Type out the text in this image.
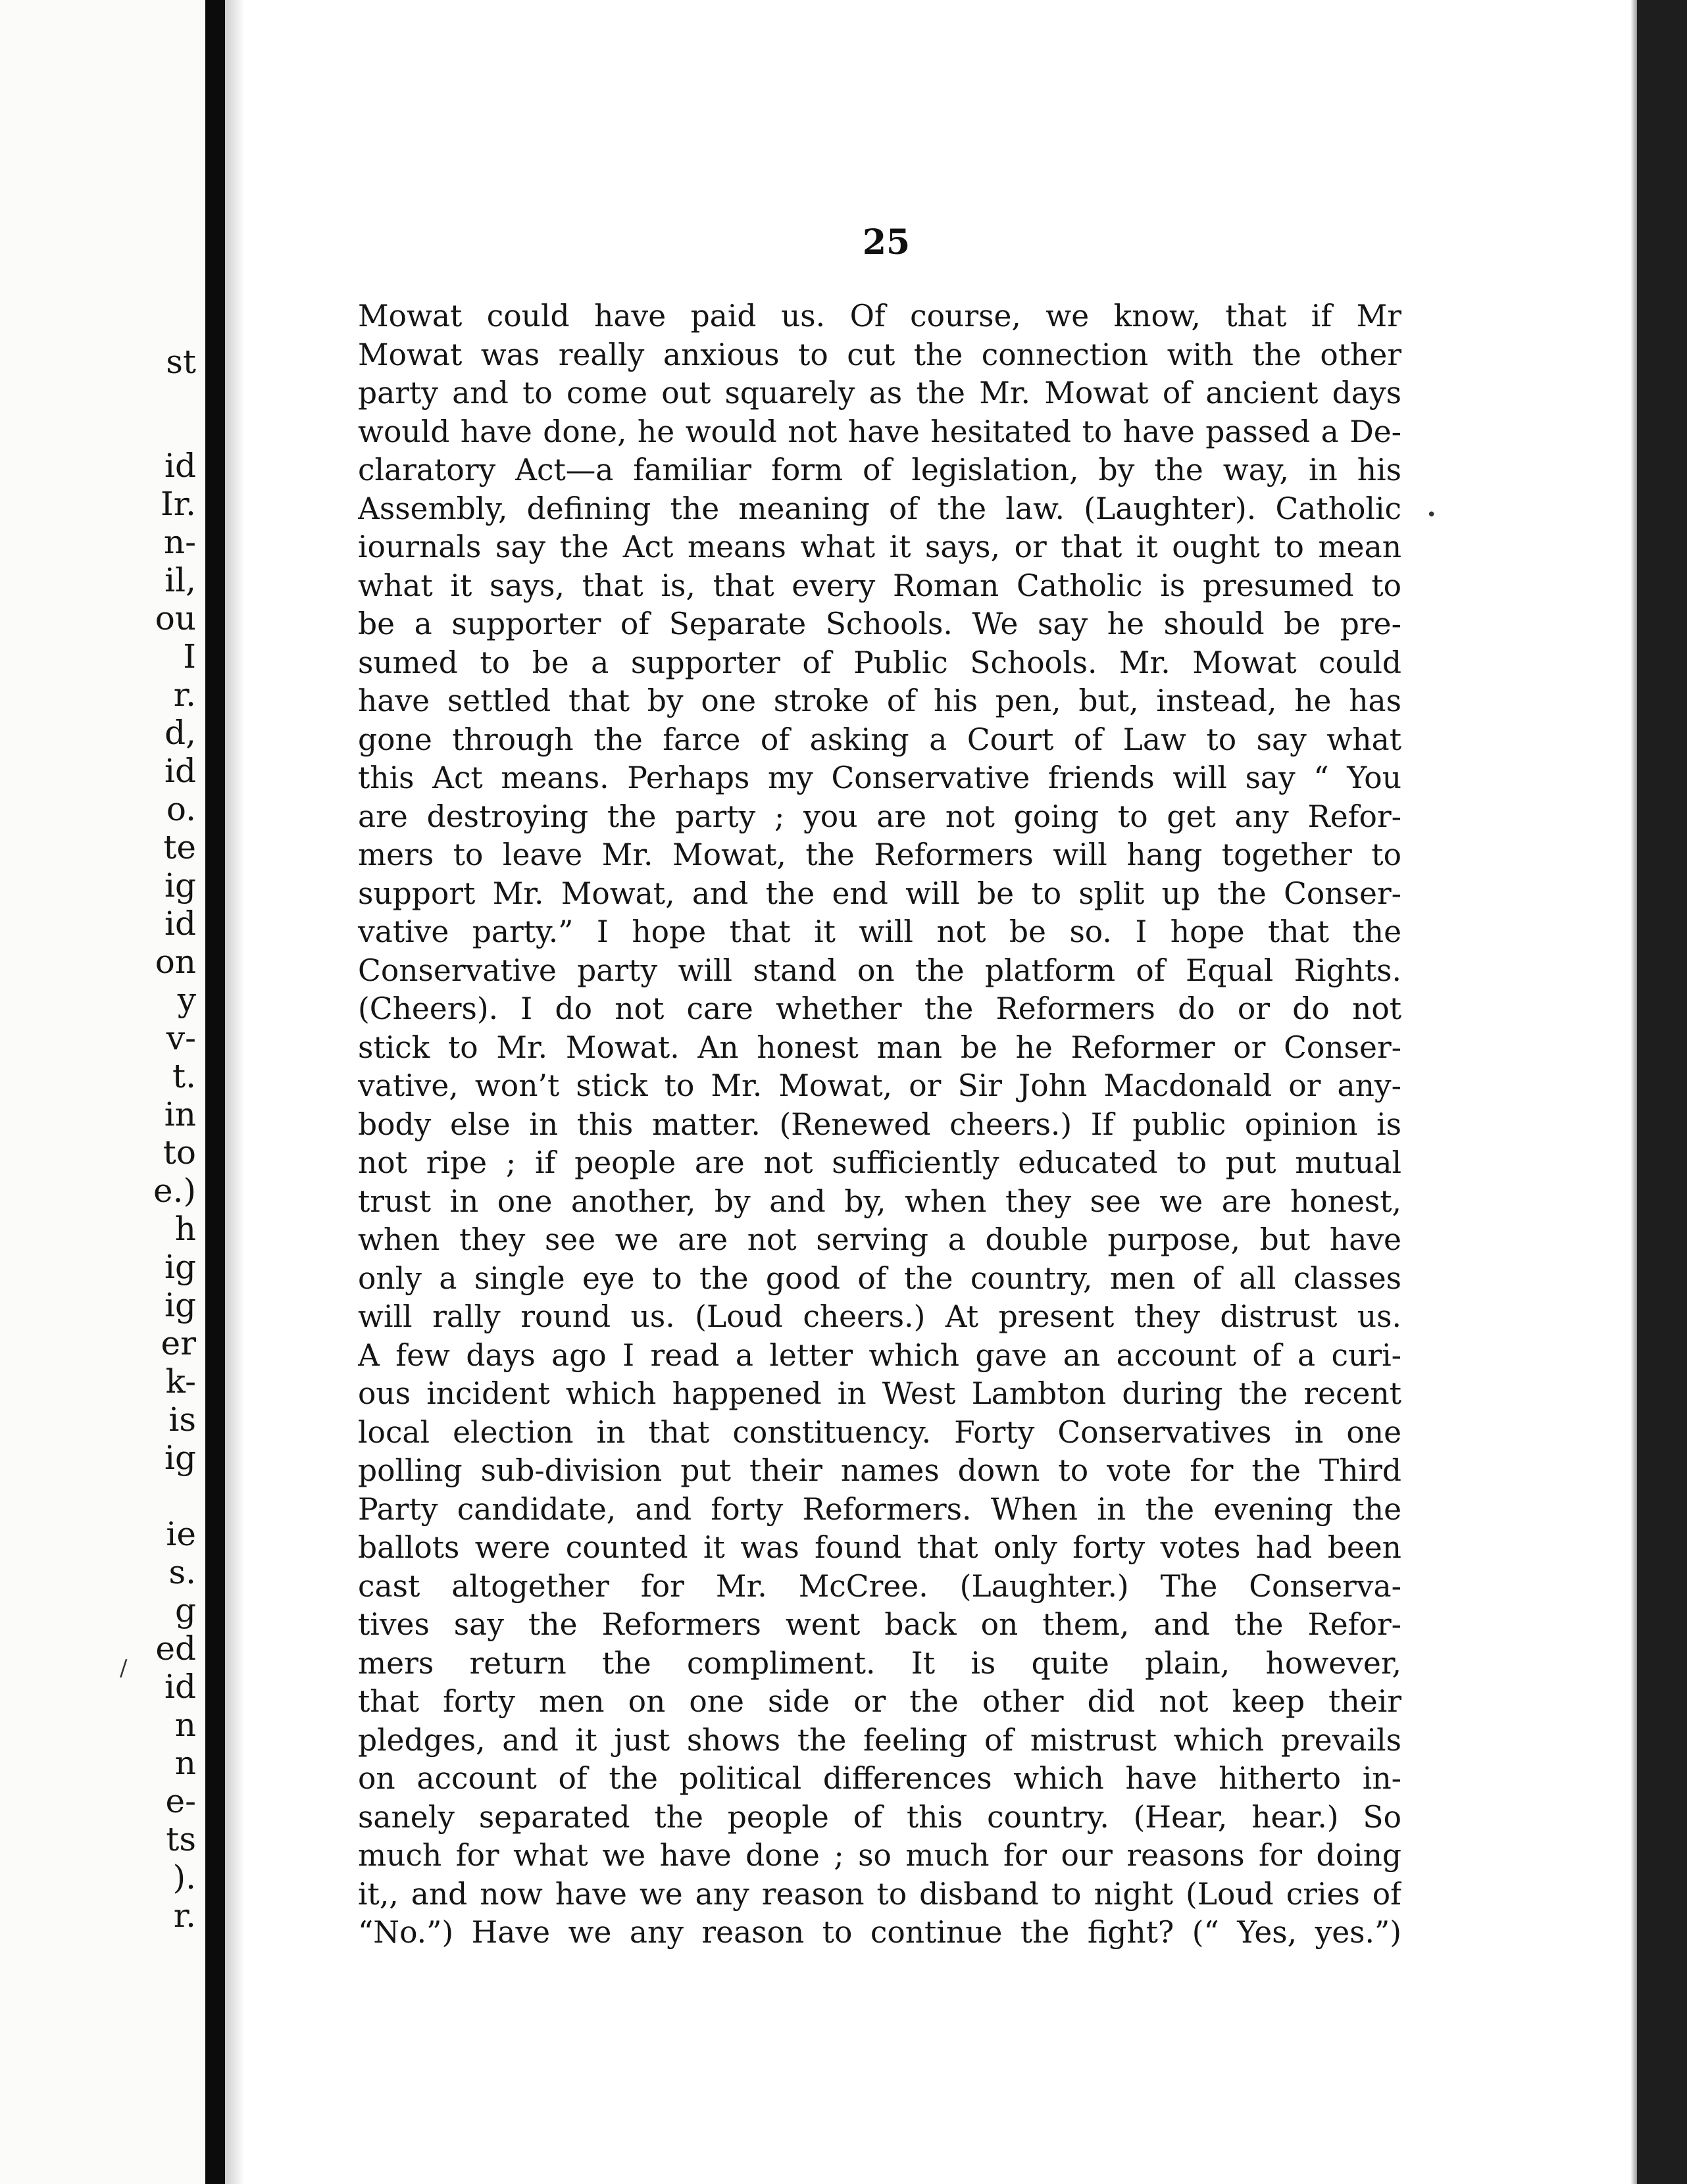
st
id
Ir.
n-
il,
ou
I
r.
d,
id
o.
te
ig
id
on
y
v-
t.
in
to
e.)
h
ig
ig
er
k-
is
ig
ie
s.
g
ed
id
n
n
e-
ts
).
r.
25
Mowat could have paid us. Of course, we know, that if Mr
Mowat was really anxious to cut the connection with the other
party and to come out squarely as the Mr. Mowat of ancient days
would have done, he would not have hesitated to have passed a De-
claratory Act—a familiar form of legislation, by the way, in his
Assembly, defining the meaning of the law. (Laughter). Catholic
iournals say the Act means what it says, or that it ought to mean
what it says, that is, that every Roman Catholic is presumed to
be a supporter of Separate Schools. We say he should be pre-
sumed to be a supporter of Public Schools. Mr. Mowat could
have settled that by one stroke of his pen, but, instead, he has
gone through the farce of asking a Court of Law to say what
this Act means. Perhaps my Conservative friends will say “ You
are destroying the party ; you are not going to get any Refor-
mers to leave Mr. Mowat, the Reformers will hang together to
support Mr. Mowat, and the end will be to split up the Conser-
vative party.” I hope that it will not be so. I hope that the
Conservative party will stand on the platform of Equal Rights.
(Cheers). I do not care whether the Reformers do or do not
stick to Mr. Mowat. An honest man be he Reformer or Conser-
vative, won’t stick to Mr. Mowat, or Sir John Macdonald or any-
body else in this matter. (Renewed cheers.) If public opinion is
not ripe ; if people are not sufficiently educated to put mutual
trust in one another, by and by, when they see we are honest,
when they see we are not serving a double purpose, but have
only a single eye to the good of the country, men of all classes
will rally round us. (Loud cheers.) At present they distrust us.
A few days ago I read a letter which gave an account of a curi-
ous incident which happened in West Lambton during the recent
local election in that constituency. Forty Conservatives in one
polling sub-division put their names down to vote for the Third
Party candidate, and forty Reformers. When in the evening the
ballots were counted it was found that only forty votes had been
cast altogether for Mr. McCree. (Laughter.) The Conserva-
tives say the Reformers went back on them, and the Refor-
mers return the compliment. It is quite plain, however,
that forty men on one side or the other did not keep their
pledges, and it just shows the feeling of mistrust which prevails
on account of the political differences which have hitherto in-
sanely separated the people of this country. (Hear, hear.) So
much for what we have done ; so much for our reasons for doing
it,, and now have we any reason to disband to night (Loud cries of
“No.”) Have we any reason to continue the fight? (“ Yes, yes.”)
•
/
